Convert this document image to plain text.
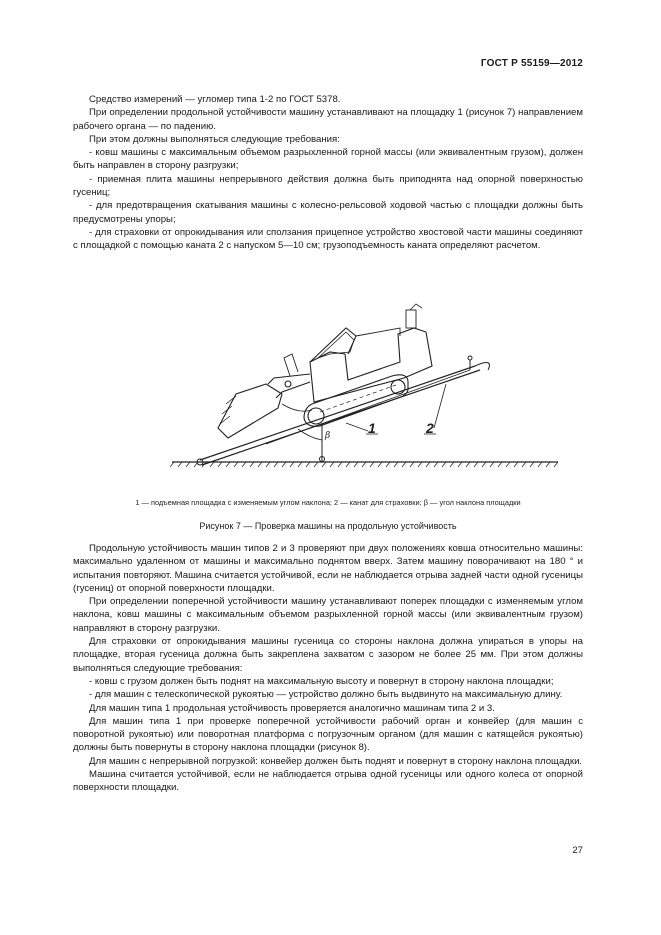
ГОСТ Р 55159—2012

Средство измерений — угломер типа 1-2 по ГОСТ 5378.

При определении продольной устойчивости машину устанавливают на площадку 1 (рисунок 7) направлением рабочего органа — по падению.

При этом должны выполняться следующие требования:

- ковш машины с максимальным объемом разрыхленной горной массы (или эквивалентным грузом), должен быть направлен в сторону разгрузки;

- приемная плита машины непрерывного действия должна быть приподнята над опорной поверхностью гусениц;

- для предотвращения скатывания машины с колесно-рельсовой ходовой частью с площадки должны быть предусмотрены упоры;

- для страховки от опрокидывания или сползания прицепное устройство хвостовой части машины соединяют с площадкой с помощью каната 2 с напуском 5—10 см; грузоподъемность каната определяют расчетом.

1	2
β
1 — подъемная площадка с изменяемым углом наклона; 2 — канат для страховки; β — угол наклона площадки
Рисунок 7 — Проверка машины на продольную устойчивость

Продольную устойчивость машин типов 2 и 3 проверяют при двух положениях ковша относительно машины: максимально удаленном от машины и максимально поднятом вверх. Затем машину поворачивают на 180 ° и испытания повторяют. Машина считается устойчивой, если не наблюдается отрыва задней части одной гусеницы (гусениц) от опорной поверхности площадки.

При определении поперечной устойчивости машину устанавливают поперек площадки с изменяемым углом наклона, ковш машины с максимальным объемом разрыхленной горной массы (или эквивалентным грузом) направляют в сторону разгрузки.

Для страховки от опрокидывания машины гусеница со стороны наклона должна упираться в упоры на площадке, вторая гусеница должна быть закреплена захватом с зазором не более 25 мм. При этом должны выполняться следующие требования:

- ковш с грузом должен быть поднят на максимальную высоту и повернут в сторону наклона площадки;

- для машин с телескопической рукоятью — устройство должно быть выдвинуто на максимальную длину.

Для машин типа 1 продольная устойчивость проверяется аналогично машинам типа 2 и 3.

Для машин типа 1 при проверке поперечной устойчивости рабочий орган и конвейер (для машин с поворотной рукоятью) или поворотная платформа с погрузочным органом (для машин с катящейся рукоятью) должны быть повернуты в сторону наклона площадки (рисунок 8).

Для машин с непрерывной погрузкой: конвейер должен быть поднят и повернут в сторону наклона площадки.

Машина считается устойчивой, если не наблюдается отрыва одной гусеницы или одного колеса от опорной поверхности площадки.

27
